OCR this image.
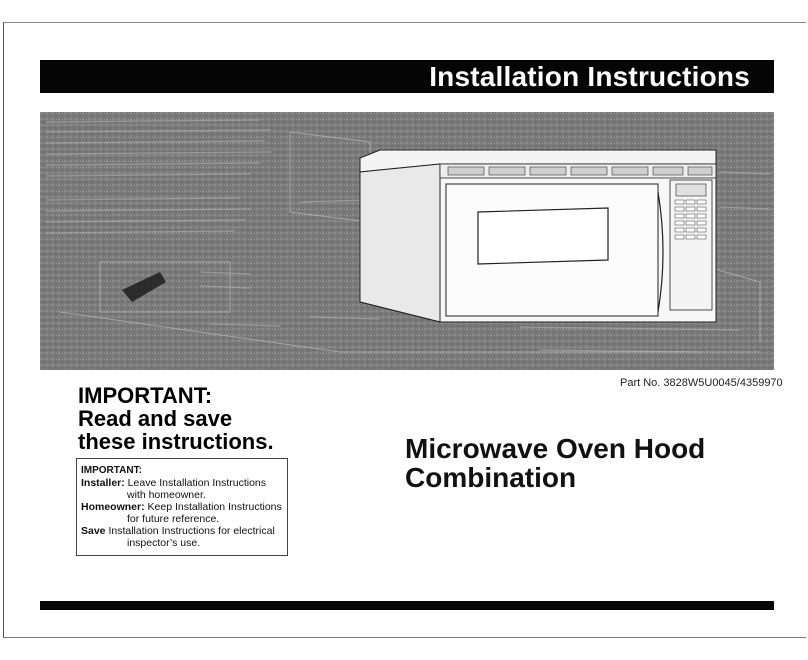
Installation Instructions
Part No. 3828W5U0045/4359970
IMPORTANT:
Read and save
these instructions.
IMPORTANT:
Installer: Leave Installation Instructions
with homeowner.
Homeowner: Keep Installation Instructions
for future reference.
Save Installation Instructions for electrical
inspector’s use.
Microwave Oven Hood
Combination
